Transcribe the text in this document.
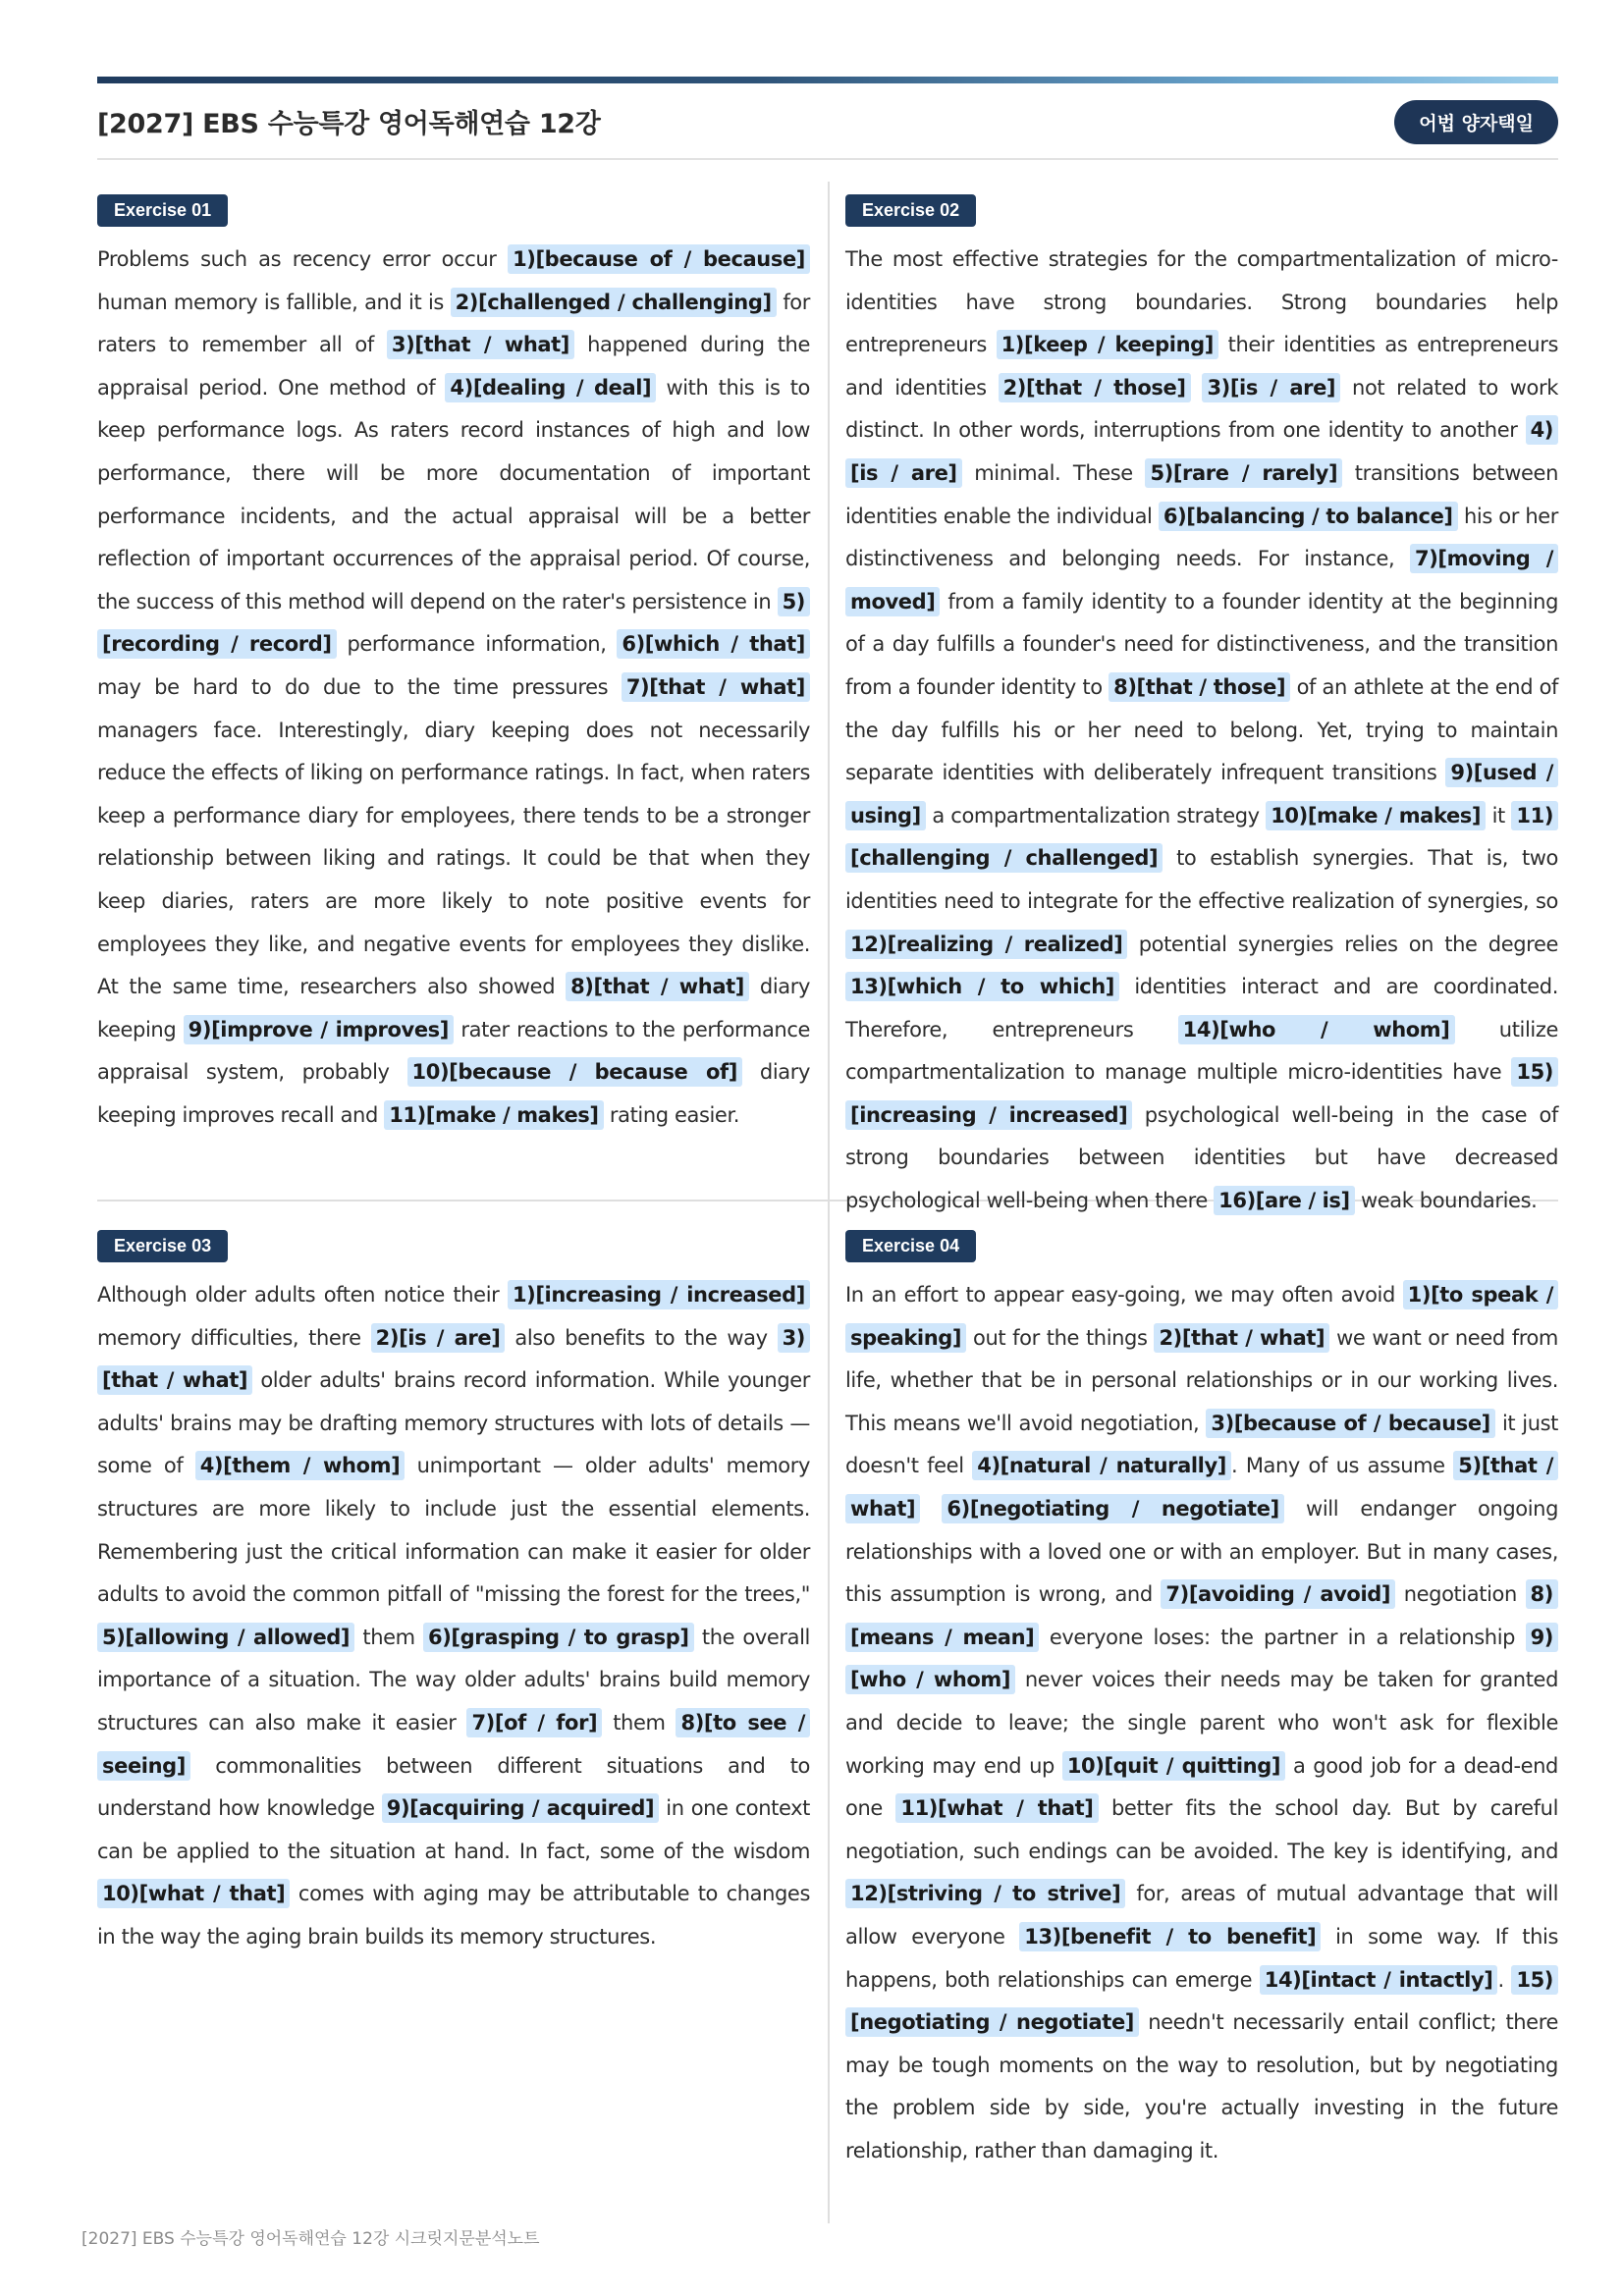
[2027] EBS 수능특강 영어독해연습 12강	어법 양자택일
Exercise 01
Problems such as recency error occur 1)[because of / because] human memory is fallible, and it is 2)[challenged / challenging] for raters to remember all of 3)[that / what] happened during the appraisal period. One method of 4)[dealing / deal] with this is to keep performance logs. As raters record instances of high and low performance, there will be more documentation of important performance incidents, and the actual appraisal will be a better reflection of important occurrences of the appraisal period. Of course, the success of this method will depend on the rater's persistence in 5)[recording / record] performance information, 6)[which / that] may be hard to do due to the time pressures 7)[that / what] managers face. Interestingly, diary keeping does not necessarily reduce the effects of liking on performance ratings. In fact, when raters keep a performance diary for employees, there tends to be a stronger relationship between liking and ratings. It could be that when they keep diaries, raters are more likely to note positive events for employees they like, and negative events for employees they dislike. At the same time, researchers also showed 8)[that / what] diary keeping 9)[improve / improves] rater reactions to the performance appraisal system, probably 10)[because / because of] diary keeping improves recall and 11)[make / makes] rating easier.
Exercise 02
The most effective strategies for the compartmentalization of micro-identities have strong boundaries. Strong boundaries help entrepreneurs 1)[keep / keeping] their identities as entrepreneurs and identities 2)[that / those] 3)[is / are] not related to work distinct. In other words, interruptions from one identity to another 4)[is / are] minimal. These 5)[rare / rarely] transitions between identities enable the individual 6)[balancing / to balance] his or her distinctiveness and belonging needs. For instance, 7)[moving / moved] from a family identity to a founder identity at the beginning of a day fulfills a founder's need for distinctiveness, and the transition from a founder identity to 8)[that / those] of an athlete at the end of the day fulfills his or her need to belong. Yet, trying to maintain separate identities with deliberately infrequent transitions 9)[used / using] a compartmentalization strategy 10)[make / makes] it 11)[challenging / challenged] to establish synergies. That is, two identities need to integrate for the effective realization of synergies, so 12)[realizing / realized] potential synergies relies on the degree 13)[which / to which] identities interact and are coordinated. Therefore, entrepreneurs 14)[who / whom] utilize compartmentalization to manage multiple micro-identities have 15)[increasing / increased] psychological well-being in the case of strong boundaries between identities but have decreased psychological well-being when there 16)[are / is] weak boundaries.
Exercise 03
Although older adults often notice their 1)[increasing / increased] memory difficulties, there 2)[is / are] also benefits to the way 3)[that / what] older adults' brains record information. While younger adults' brains may be drafting memory structures with lots of details — some of 4)[them / whom] unimportant — older adults' memory structures are more likely to include just the essential elements. Remembering just the critical information can make it easier for older adults to avoid the common pitfall of "missing the forest for the trees," 5)[allowing / allowed] them 6)[grasping / to grasp] the overall importance of a situation. The way older adults' brains build memory structures can also make it easier 7)[of / for] them 8)[to see / seeing] commonalities between different situations and to understand how knowledge 9)[acquiring / acquired] in one context can be applied to the situation at hand. In fact, some of the wisdom 10)[what / that] comes with aging may be attributable to changes in the way the aging brain builds its memory structures.
Exercise 04
In an effort to appear easy-going, we may often avoid 1)[to speak / speaking] out for the things 2)[that / what] we want or need from life, whether that be in personal relationships or in our working lives. This means we'll avoid negotiation, 3)[because of / because] it just doesn't feel 4)[natural / naturally] . Many of us assume 5)[that / what] 6)[negotiating / negotiate] will endanger ongoing relationships with a loved one or with an employer. But in many cases, this assumption is wrong, and 7)[avoiding / avoid] negotiation 8)[means / mean] everyone loses: the partner in a relationship 9)[who / whom] never voices their needs may be taken for granted and decide to leave; the single parent who won't ask for flexible working may end up 10)[quit / quitting] a good job for a dead-end one 11)[what / that] better fits the school day. But by careful negotiation, such endings can be avoided. The key is identifying, and 12)[striving / to strive] for, areas of mutual advantage that will allow everyone 13)[benefit / to benefit] in some way. If this happens, both relationships can emerge 14)[intact / intactly] . 15)[negotiating / negotiate] needn't necessarily entail conflict; there may be tough moments on the way to resolution, but by negotiating the problem side by side, you're actually investing in the future relationship, rather than damaging it.
[2027] EBS 수능특강 영어독해연습 12강 시크릿지문분석노트
